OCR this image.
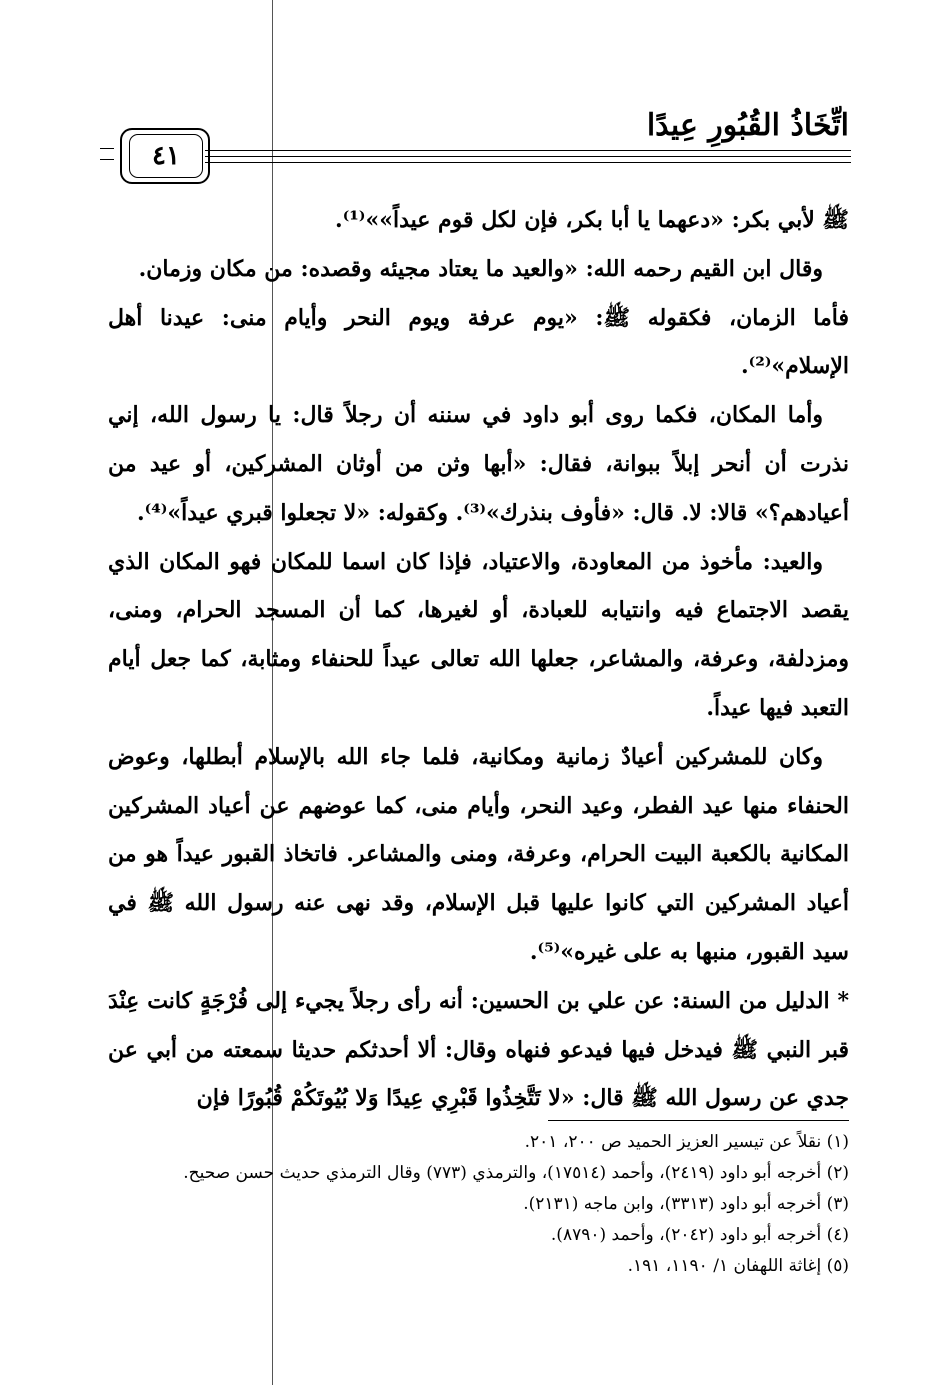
اتِّخَاذُ القُبُورِ عِيدًا
٤١

ﷺ لأبي بكر: «دعهما يا أبا بكر، فإن لكل قوم عيداً»»⁽¹⁾.

وقال ابن القيم رحمه الله: «والعيد ما يعتاد مجيئه وقصده: من مكان وزمان.

فأما الزمان، فكقوله ﷺ: «يوم عرفة ويوم النحر وأيام منى: عيدنا أهل الإسلام»⁽²⁾.

وأما المكان، فكما روى أبو داود في سننه أن رجلاً قال: يا رسول الله، إني نذرت أن أنحر إبلاً ببوانة، فقال: «أبها وثن من أوثان المشركين، أو عيد من أعيادهم؟» قالا: لا. قال: «فأوف بنذرك»⁽³⁾. وكقوله: «لا تجعلوا قبري عيداً»⁽⁴⁾.

والعيد: مأخوذ من المعاودة، والاعتياد، فإذا كان اسما للمكان فهو المكان الذي يقصد الاجتماع فيه وانتيابه للعبادة، أو لغيرها، كما أن المسجد الحرام، ومنى، ومزدلفة، وعرفة، والمشاعر، جعلها الله تعالى عيداً للحنفاء ومثابة، كما جعل أيام التعبد فيها عيداً.

وكان للمشركين أعيادٌ زمانية ومكانية، فلما جاء الله بالإسلام أبطلها، وعوض الحنفاء منها عيد الفطر، وعيد النحر، وأيام منى، كما عوضهم عن أعياد المشركين المكانية بالكعبة البيت الحرام، وعرفة، ومنى والمشاعر. فاتخاذ القبور عيداً هو من أعياد المشركين التي كانوا عليها قبل الإسلام، وقد نهى عنه رسول الله ﷺ في سيد القبور، منبها به على غيره»⁽⁵⁾.

* الدليل من السنة: عن علي بن الحسين: أنه رأى رجلاً يجيء إلى فُرْجَةٍ كانت عِنْدَ قبر النبي ﷺ فيدخل فيها فيدعو فنهاه وقال: ألا أحدثكم حديثا سمعته من أبي عن جدي عن رسول الله ﷺ قال: «لا تَتَّخِذُوا قَبْرِي عِيدًا وَلا بُيُوتَكُمْ قُبُورًا فإن

(١) نقلاً عن تيسير العزيز الحميد ص ٢٠٠، ٢٠١.

(٢) أخرجه أبو داود (٢٤١٩)، وأحمد (١٧٥١٤)، والترمذي (٧٧٣) وقال الترمذي حديث حسن صحيح.

(٣) أخرجه أبو داود (٣٣١٣)، وابن ماجه (٢١٣١).

(٤) أخرجه أبو داود (٢٠٤٢)، وأحمد (٨٧٩٠).

(٥) إغاثة اللهفان ١/ ١١٩٠، ١٩١.
